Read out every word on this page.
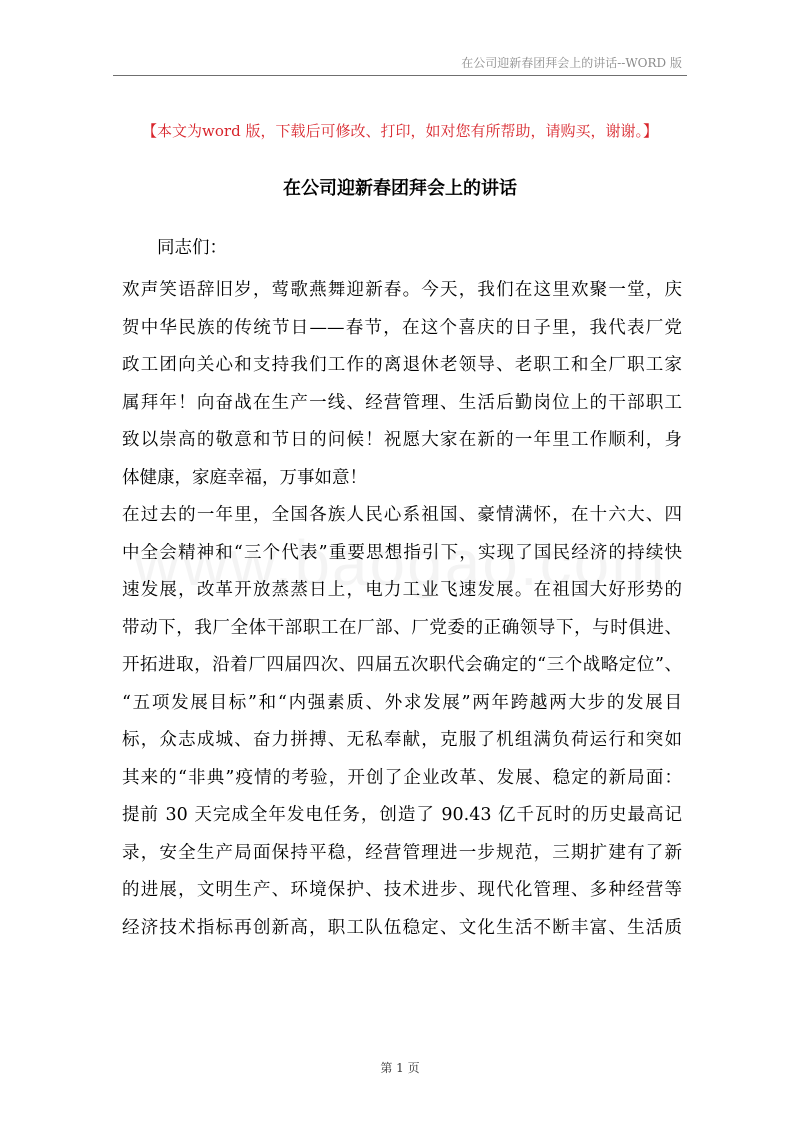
在公司迎新春团拜会上的讲话--WORD 版
【本文为word 版，下载后可修改、打印，如对您有所帮助，请购买，谢谢。】
在公司迎新春团拜会上的讲话
同志们：
欢声笑语辞旧岁，莺歌燕舞迎新春。今天，我们在这里欢聚一堂，庆
贺中华民族的传统节日——春节，在这个喜庆的日子里，我代表厂党
政工团向关心和支持我们工作的离退休老领导、老职工和全厂职工家
属拜年！向奋战在生产一线、经营管理、生活后勤岗位上的干部职工
致以崇高的敬意和节日的问候！祝愿大家在新的一年里工作顺利，身
体健康，家庭幸福，万事如意！
在过去的一年里，全国各族人民心系祖国、豪情满怀，在十六大、四
中全会精神和“三个代表”重要思想指引下，实现了国民经济的持续快
速发展，改革开放蒸蒸日上，电力工业飞速发展。在祖国大好形势的
带动下，我厂全体干部职工在厂部、厂党委的正确领导下，与时俱进、
开拓进取，沿着厂四届四次、四届五次职代会确定的“三个战略定位”、
“五项发展目标”和“内强素质、外求发展”两年跨越两大步的发展目
标，众志成城、奋力拼搏、无私奉献，克服了机组满负荷运行和突如
其来的“非典”疫情的考验，开创了企业改革、发展、稳定的新局面：
提前 30 天完成全年发电任务，创造了 90.43 亿千瓦时的历史最高记
录，安全生产局面保持平稳，经营管理进一步规范，三期扩建有了新
的进展，文明生产、环境保护、技术进步、现代化管理、多种经营等
经济技术指标再创新高，职工队伍稳定、文化生活不断丰富、生活质
第 1 页
